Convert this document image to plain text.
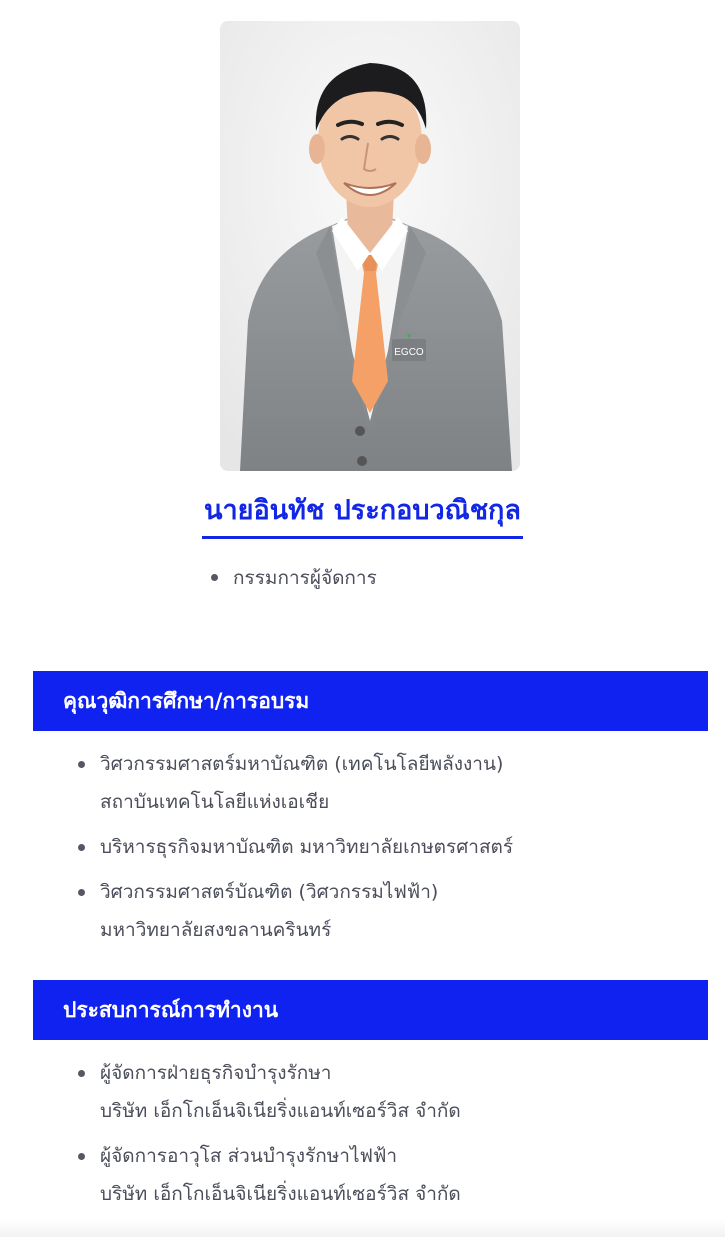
EGCO
นายอินทัช ประกอบวณิชกุล
กรรมการผู้จัดการ
คุณวุฒิการศึกษา/การอบรม
วิศวกรรมศาสตร์มหาบัณฑิต (เทคโนโลยีพลังงาน)
สถาบันเทคโนโลยีแห่งเอเชีย
บริหารธุรกิจมหาบัณฑิต มหาวิทยาลัยเกษตรศาสตร์
วิศวกรรมศาสตร์บัณฑิต (วิศวกรรมไฟฟ้า)
มหาวิทยาลัยสงขลานครินทร์
ประสบการณ์การทำงาน
ผู้จัดการฝ่ายธุรกิจบำรุงรักษา
บริษัท เอ็กโกเอ็นจิเนียริ่งแอนท์เซอร์วิส จำกัด
ผู้จัดการอาวุโส ส่วนบำรุงรักษาไฟฟ้า
บริษัท เอ็กโกเอ็นจิเนียริ่งแอนท์เซอร์วิส จำกัด
